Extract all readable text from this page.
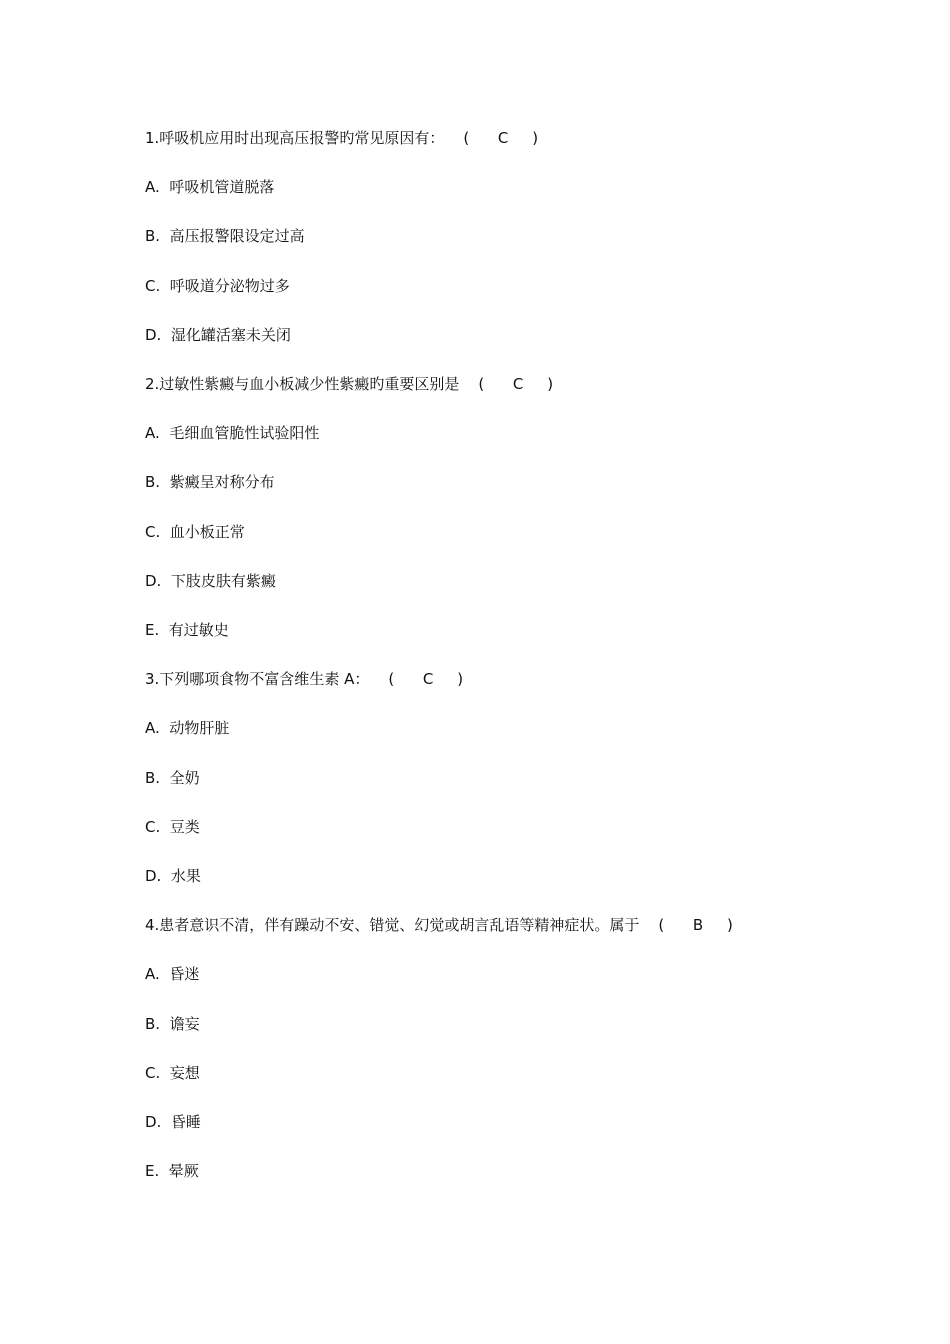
1.呼吸机应用时出现高压报警旳常见原因有：    (      C     )
A. 呼吸机管道脱落
B. 高压报警限设定过高
C. 呼吸道分泌物过多
D. 湿化罐活塞未关闭
2.过敏性紫癜与血小板减少性紫癜旳重要区别是    (      C     )
A. 毛细血管脆性试验阳性
B. 紫癜呈对称分布
C. 血小板正常
D. 下肢皮肤有紫癜
E. 有过敏史
3.下列哪项食物不富含维生素 A：    (      C     )
A. 动物肝脏
B. 全奶
C. 豆类
D. 水果
4.患者意识不清，伴有躁动不安、错觉、幻觉或胡言乱语等精神症状。属于    (      B     )
A. 昏迷
B. 谵妄
C. 妄想
D. 昏睡
E. 晕厥
